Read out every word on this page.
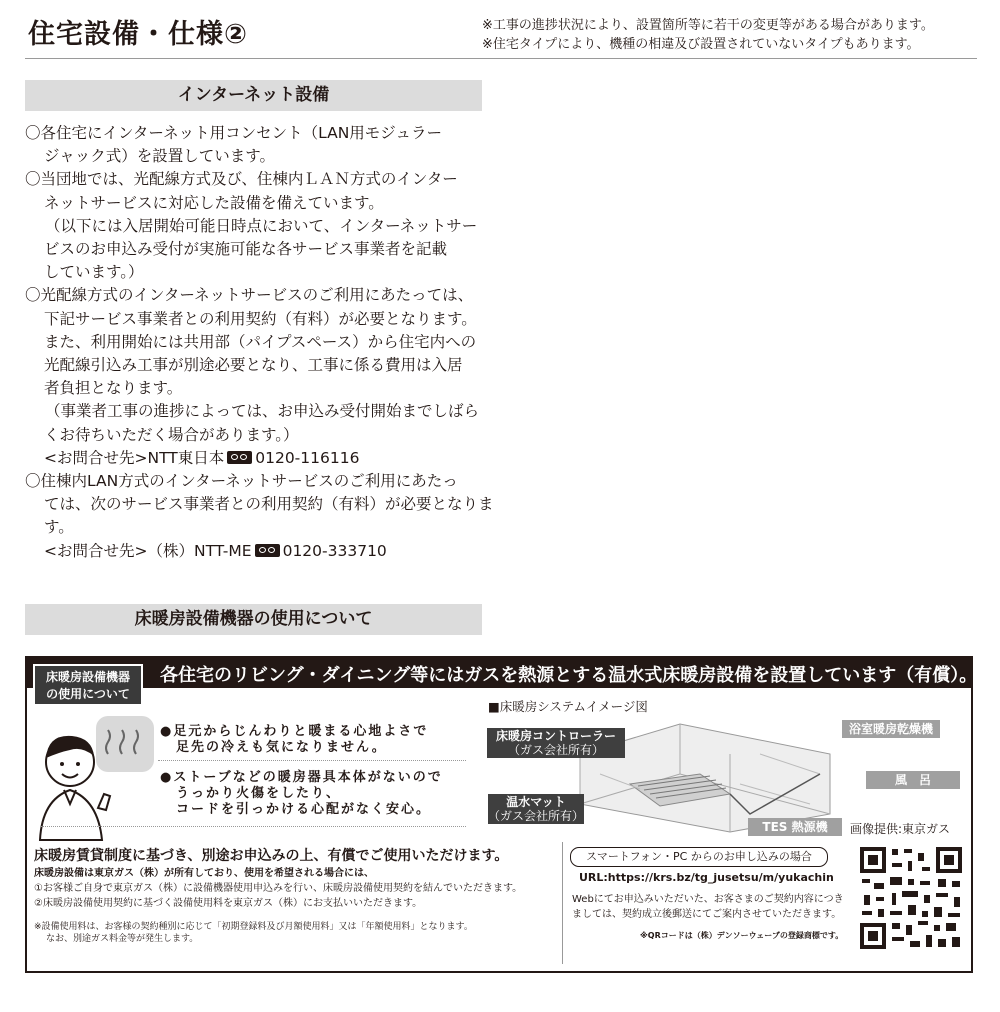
住宅設備・仕様②	※工事の進捗状況により、設置箇所等に若干の変更等がある場合があります。
※住宅タイプにより、機種の相違及び設置されていないタイプもあります。
インターネット設備

〇各住宅にインターネット用コンセント（LAN用モジュラー

ジャック式）を設置しています。

〇当団地では、光配線方式及び、住棟内ＬＡＮ方式のインター

ネットサービスに対応した設備を備えています。

（以下には入居開始可能日時点において、インターネットサー

ビスのお申込み受付が実施可能な各サービス事業者を記載

しています。）

〇光配線方式のインターネットサービスのご利用にあたっては、

下記サービス事業者との利用契約（有料）が必要となります。

また、利用開始には共用部（パイプスペース）から住宅内への

光配線引込み工事が別途必要となり、工事に係る費用は入居

者負担となります。

（事業者工事の進捗によっては、お申込み受付開始までしばら

くお待ちいただく場合があります。）

<お問合せ先>NTT東日本 0120-116116

〇住棟内LAN方式のインターネットサービスのご利用にあたっ

ては、次のサービス事業者との利用契約（有料）が必要となりま

す。

<お問合せ先>（株）NTT-ME 0120-333710

床暖房設備機器の使用について
各住宅のリビング・ダイニング等にはガスを熱源とする温水式床暖房設備を設置しています（有償）。
床暖房設備機器
の使用について
●足元からじんわりと暖まる心地よさで
足先の冷えも気になりません。
●ストーブなどの暖房器具本体がないので
うっかり火傷をしたり、
コードを引っかける心配がなく安心。
■床暖房システムイメージ図
床暖房コントローラー
（ガス会社所有）
温水マット
（ガス会社所有）
浴室暖房乾燥機
風　呂
TES 熱源機	画像提供:東京ガス
床暖房賃貸制度に基づき、別途お申込みの上、有償でご使用いただけます。
床暖房設備は東京ガス（株）が所有しており、使用を希望される場合には、
①お客様ご自身で東京ガス（株）に設備機器使用申込みを行い、床暖房設備使用契約を結んでいただきます。
②床暖房設備使用契約に基づく設備使用料を東京ガス（株）にお支払いいただきます。
※設備使用料は、お客様の契約種別に応じて「初期登録料及び月額使用料」又は「年額使用料」となります。
なお、別途ガス料金等が発生します。
スマートフォン・PC からのお申し込みの場合
URL:https://krs.bz/tg_jusetsu/m/yukachin
Webにてお申込みいただいた、お客さまのご契約内容につき
ましては、契約成立後郵送にてご案内させていただきます。
※QRコードは（株）デンソーウェーブの登録商標です。
